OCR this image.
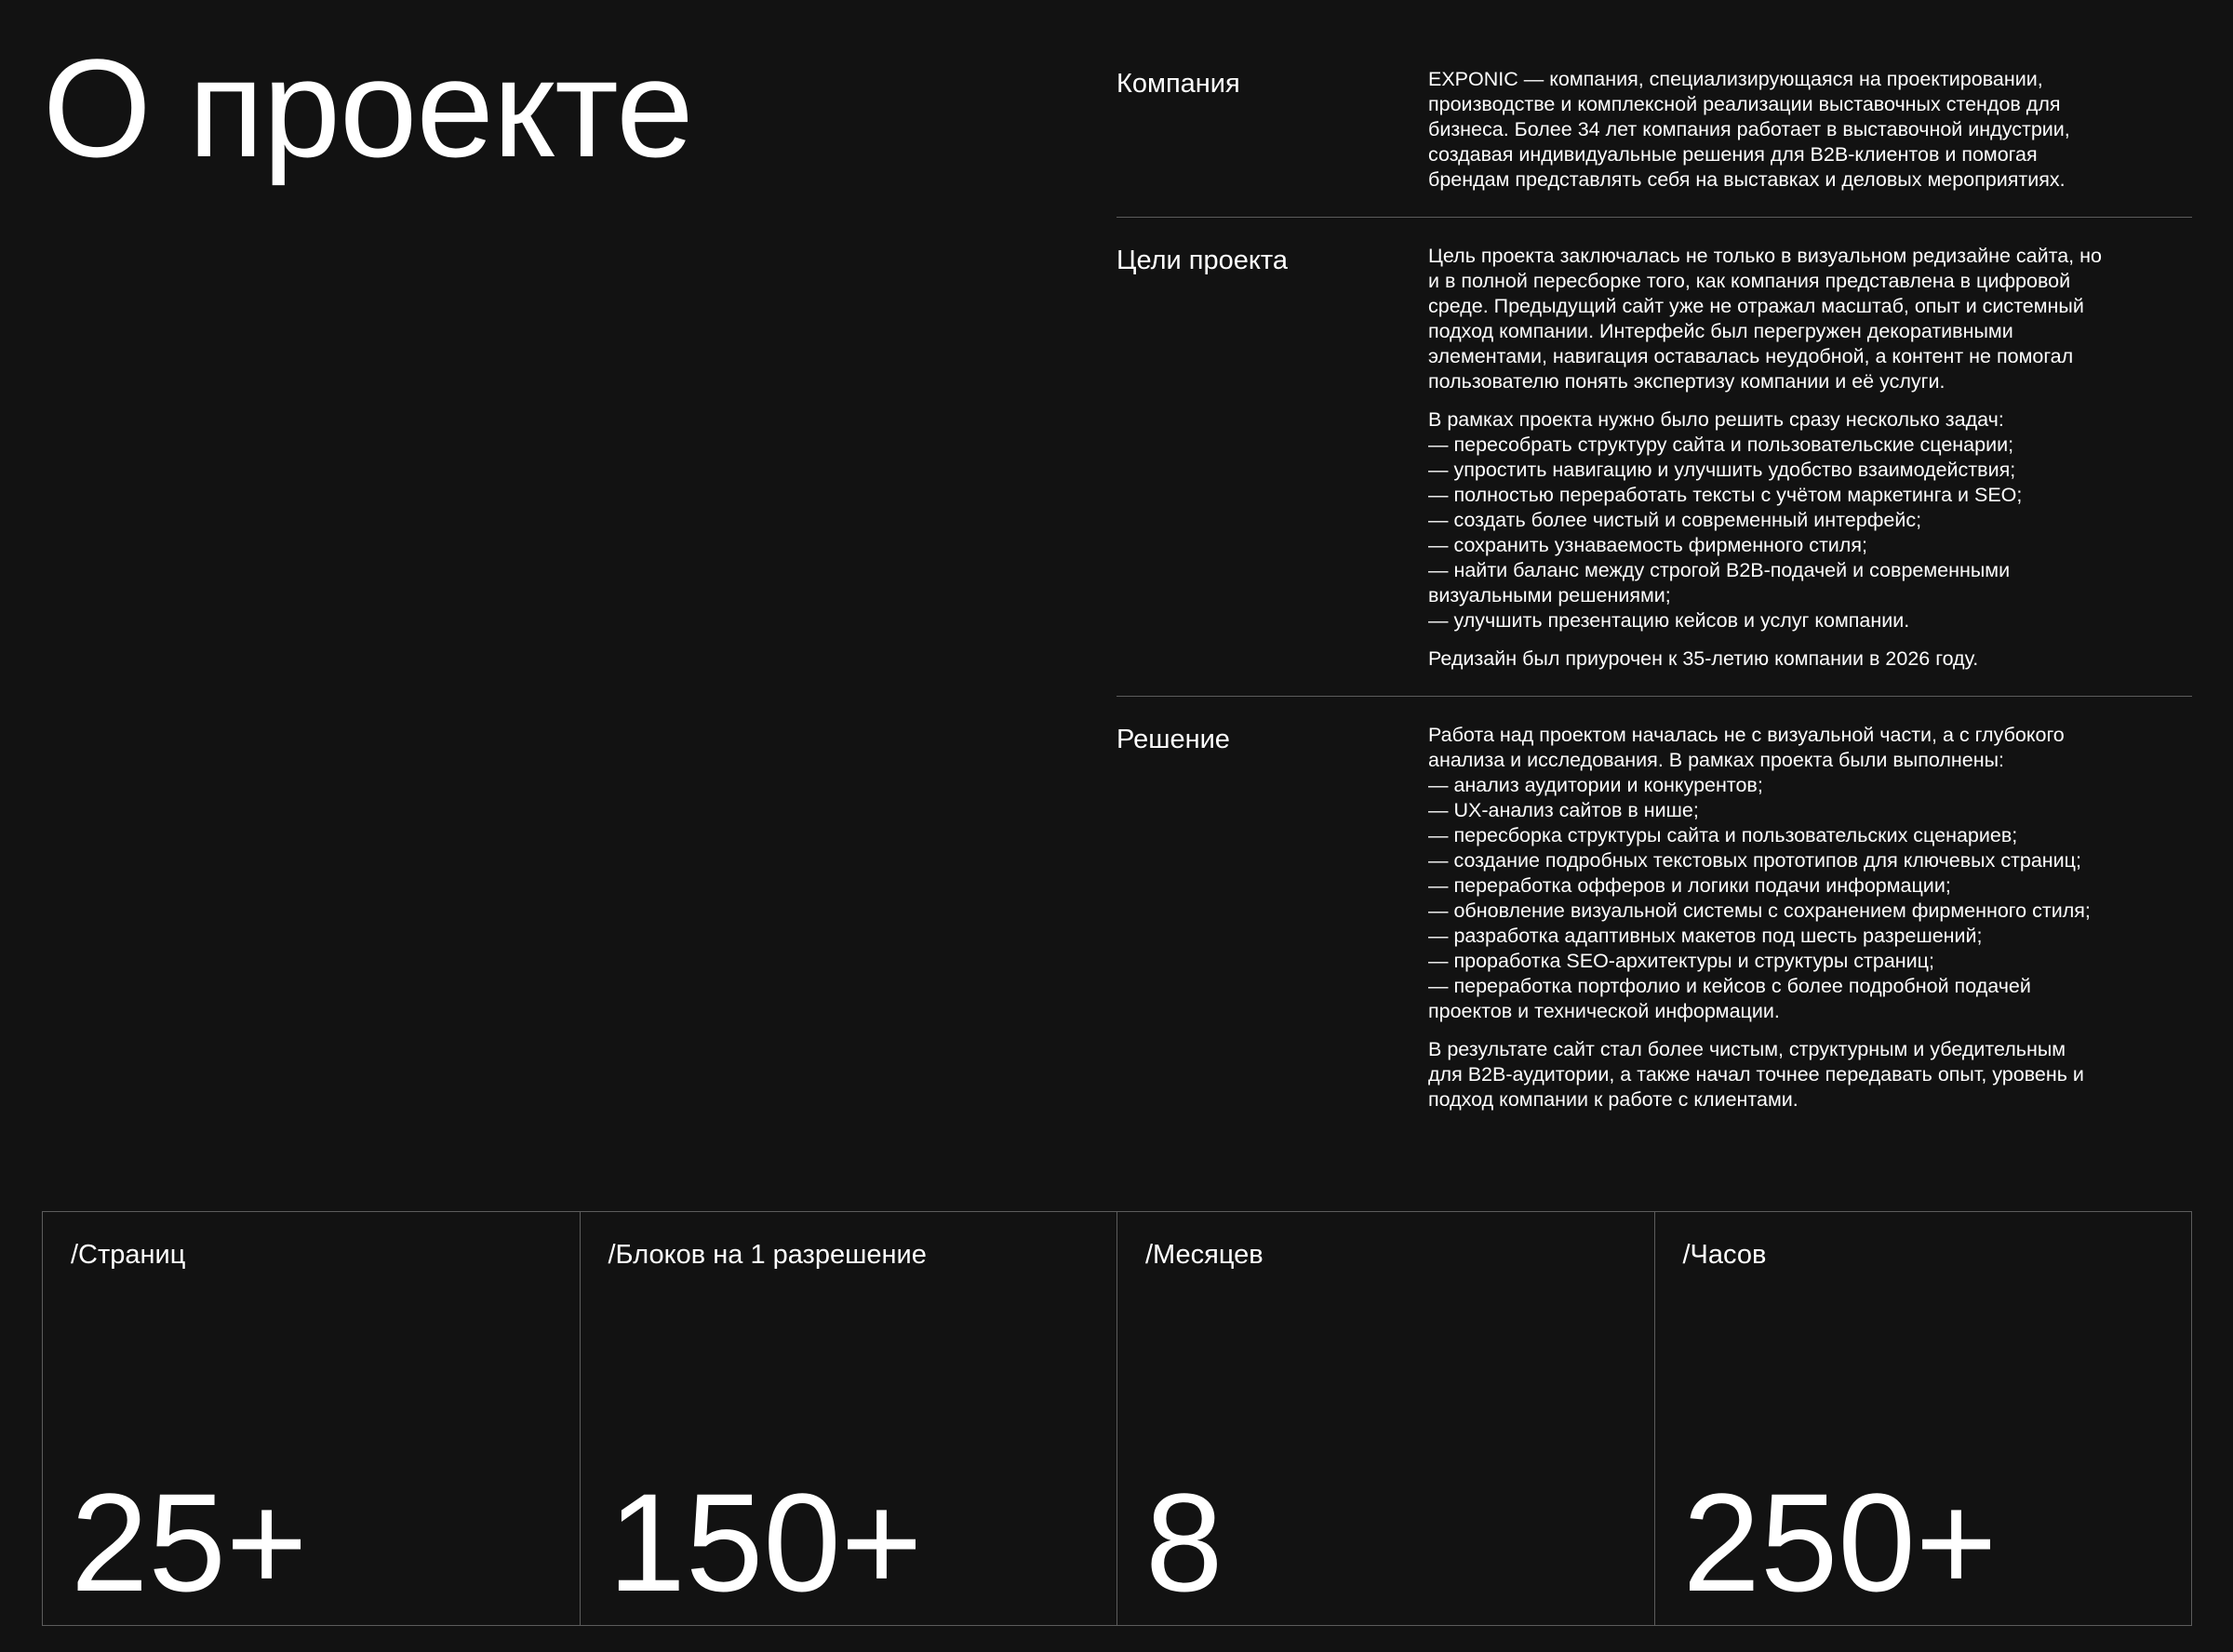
О проекте	Компания	EXPONIC — компания, специализирующаяся на проектировании,
производстве и комплексной реализации выставочных стендов для
бизнеса. Более 34 лет компания работает в выставочной индустрии,
создавая индивидуальные решения для B2B-клиентов и помогая
брендам представлять себя на выставках и деловых мероприятиях.
Цели проекта	Цель проекта заключалась не только в визуальном редизайне сайта, но
и в полной пересборке того, как компания представлена в цифровой
среде. Предыдущий сайт уже не отражал масштаб, опыт и системный
подход компании. Интерфейс был перегружен декоративными
элементами, навигация оставалась неудобной, а контент не помогал
пользователю понять экспертизу компании и её услуги.
В рамках проекта нужно было решить сразу несколько задач:
— пересобрать структуру сайта и пользовательские сценарии;
— упростить навигацию и улучшить удобство взаимодействия;
— полностью переработать тексты с учётом маркетинга и SEO;
— создать более чистый и современный интерфейс;
— сохранить узнаваемость фирменного стиля;
— найти баланс между строгой B2B-подачей и современными
визуальными решениями;
— улучшить презентацию кейсов и услуг компании.
Редизайн был приурочен к 35-летию компании в 2026 году.
Решение	Работа над проектом началась не с визуальной части, а с глубокого
анализа и исследования. В рамках проекта были выполнены:
— анализ аудитории и конкурентов;
— UX-анализ сайтов в нише;
— пересборка структуры сайта и пользовательских сценариев;
— создание подробных текстовых прототипов для ключевых страниц;
— переработка офферов и логики подачи информации;
— обновление визуальной системы с сохранением фирменного стиля;
— разработка адаптивных макетов под шесть разрешений;
— проработка SEO-архитектуры и структуры страниц;
— переработка портфолио и кейсов с более подробной подачей
проектов и технической информации.
В результате сайт стал более чистым, структурным и убедительным
для B2B-аудитории, а также начал точнее передавать опыт, уровень и
подход компании к работе с клиентами.
/Страниц
25+
/Блоков на 1 разрешение
150+
/Месяцев
8
/Часов
250+
